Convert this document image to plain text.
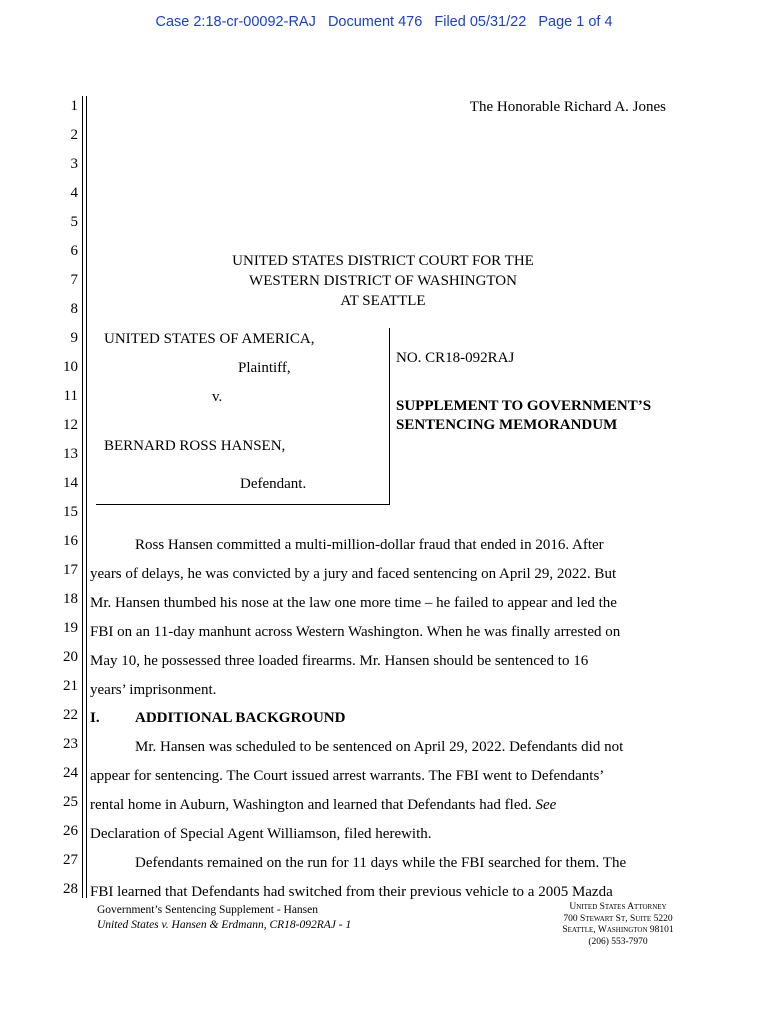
Case 2:18-cr-00092-RAJ Document 476 Filed 05/31/22 Page 1 of 4
1
2
3
4
5
6
7
8
9
10
11
12
13
14
15
16
17
18
19
20
21
22
23
24
25
26
27
28
The Honorable Richard A. Jones
UNITED STATES DISTRICT COURT FOR THE
WESTERN DISTRICT OF WASHINGTON
AT SEATTLE
UNITED STATES OF AMERICA,
Plaintiff,
v.
BERNARD ROSS HANSEN,
Defendant.
NO. CR18-092RAJ
SUPPLEMENT TO GOVERNMENT’S
SENTENCING MEMORANDUM
Ross Hansen committed a multi-million-dollar fraud that ended in 2016. After
years of delays, he was convicted by a jury and faced sentencing on April 29, 2022. But
Mr. Hansen thumbed his nose at the law one more time – he failed to appear and led the
FBI on an 11-day manhunt across Western Washington. When he was finally arrested on
May 10, he possessed three loaded firearms. Mr. Hansen should be sentenced to 16
years’ imprisonment.
I. ADDITIONAL BACKGROUND
Mr. Hansen was scheduled to be sentenced on April 29, 2022. Defendants did not
appear for sentencing. The Court issued arrest warrants. The FBI went to Defendants’
rental home in Auburn, Washington and learned that Defendants had fled. See
Declaration of Special Agent Williamson, filed herewith.
Defendants remained on the run for 11 days while the FBI searched for them. The
FBI learned that Defendants had switched from their previous vehicle to a 2005 Mazda
Government’s Sentencing Supplement - Hansen
United States v. Hansen & Erdmann, CR18-092RAJ - 1
United States Attorney
700 Stewart St, Suite 5220
Seattle, Washington 98101
(206) 553-7970
